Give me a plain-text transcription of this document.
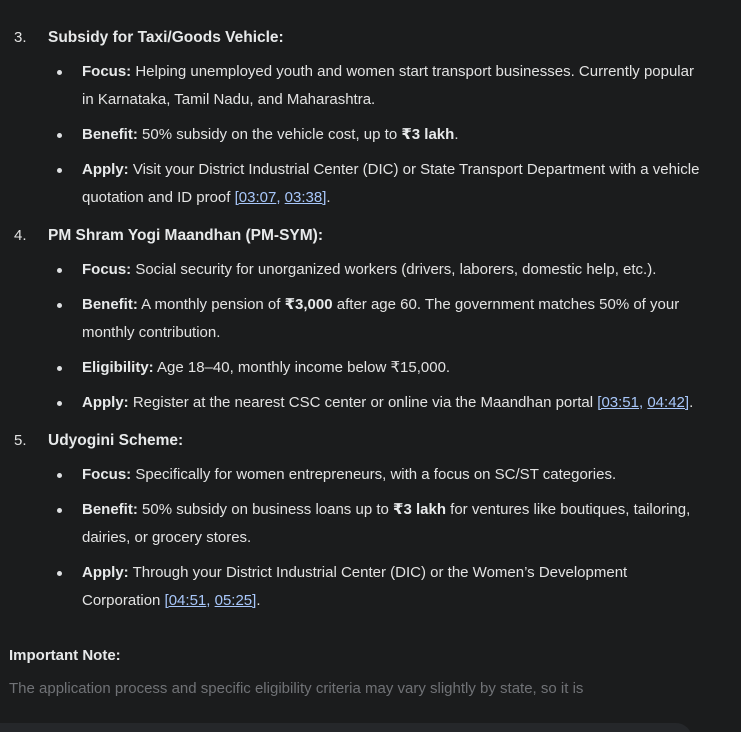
3. Subsidy for Taxi/Goods Vehicle:

Focus: Helping unemployed youth and women start transport businesses. Currently popular in Karnataka, Tamil Nadu, and Maharashtra.

Benefit: 50% subsidy on the vehicle cost, up to ₹3 lakh.

Apply: Visit your District Industrial Center (DIC) or State Transport Department with a vehicle quotation and ID proof [03:07, 03:38].

4. PM Shram Yogi Maandhan (PM-SYM):

Focus: Social security for unorganized workers (drivers, laborers, domestic help, etc.).

Benefit: A monthly pension of ₹3,000 after age 60. The government matches 50% of your monthly contribution.

Eligibility: Age 18–40, monthly income below ₹15,000.

Apply: Register at the nearest CSC center or online via the Maandhan portal [03:51, 04:42].

5. Udyogini Scheme:

Focus: Specifically for women entrepreneurs, with a focus on SC/ST categories.

Benefit: 50% subsidy on business loans up to ₹3 lakh for ventures like boutiques, tailoring, dairies, or grocery stores.

Apply: Through your District Industrial Center (DIC) or the Women’s Development Corporation [04:51, 05:25].

Important Note:

The application process and specific eligibility criteria may vary slightly by state, so it is
